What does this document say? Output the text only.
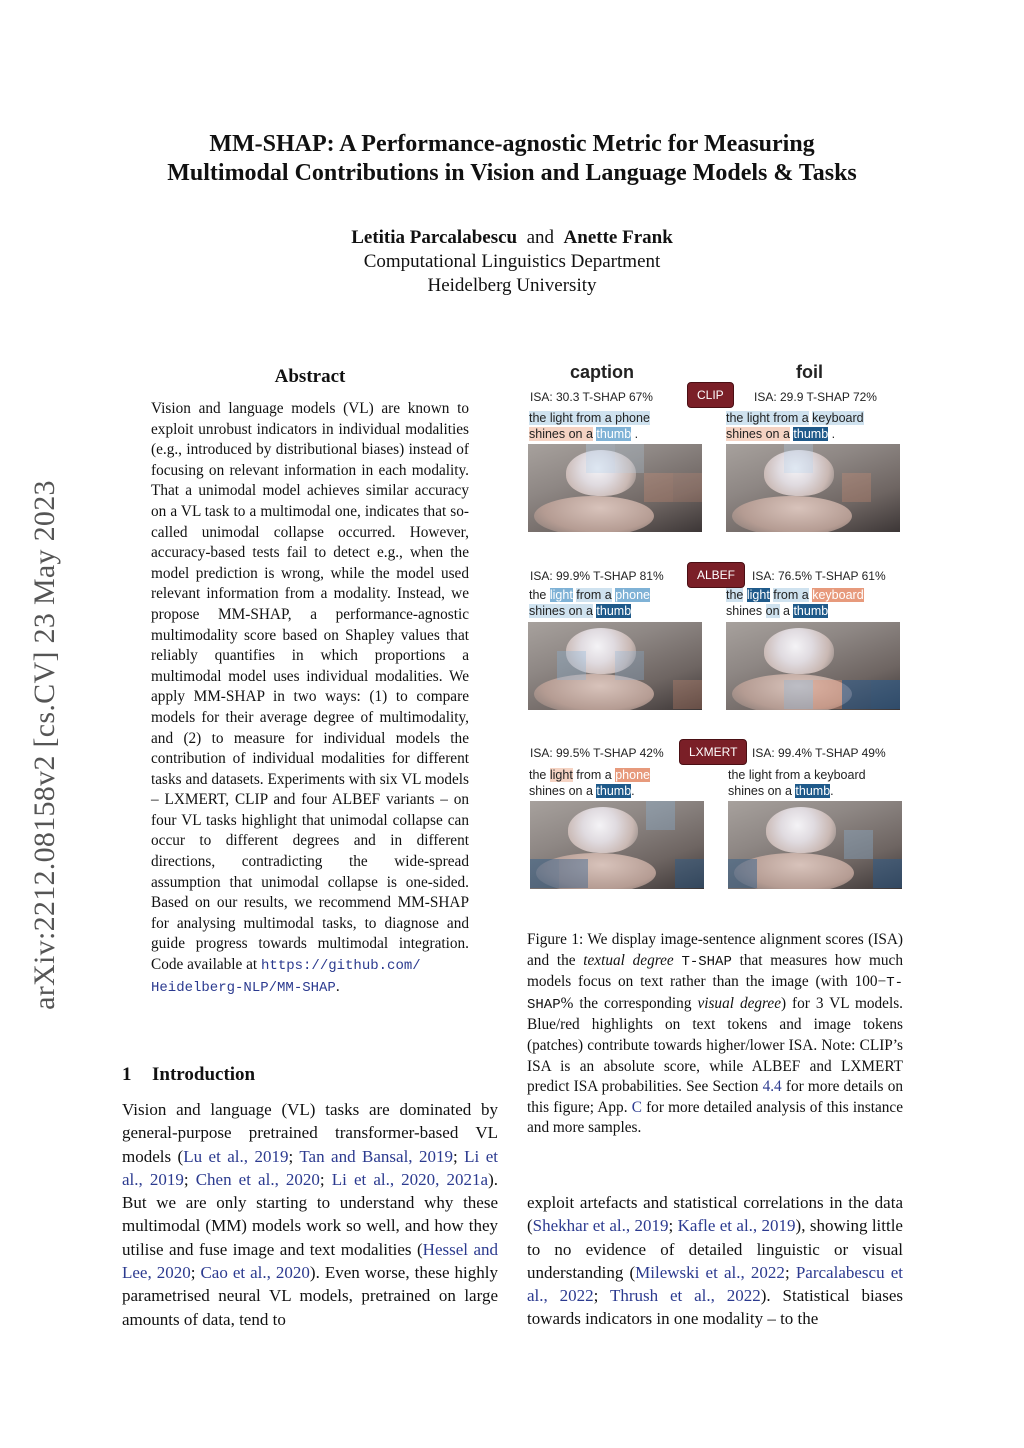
arXiv:2212.08158v2 [cs.CV] 23 May 2023
MM-SHAP: A Performance-agnostic Metric for Measuring
Multimodal Contributions in Vision and Language Models & Tasks
Letitia Parcalabescu and Anette Frank
Computational Linguistics Department
Heidelberg University
Abstract
Vision and language models (VL) are known to exploit unrobust indicators in individual modalities (e.g., introduced by distributional biases) instead of focusing on relevant information in each modality. That a unimodal model achieves similar accuracy on a VL task to a multimodal one, indicates that so-called unimodal collapse occurred. However, accuracy-based tests fail to detect e.g., when the model prediction is wrong, while the model used relevant information from a modality. Instead, we propose MM-SHAP, a performance-agnostic multimodality score based on Shapley values that reliably quantifies in which proportions a multimodal model uses individual modalities. We apply MM-SHAP in two ways: (1) to compare models for their average degree of multimodality, and (2) to measure for individual models the contribution of individual modalities for different tasks and datasets. Experiments with six VL models – LXMERT, CLIP and four ALBEF variants – on four VL tasks highlight that unimodal collapse can occur to different degrees and in different directions, contradicting the wide-spread assumption that unimodal collapse is one-sided. Based on our results, we recommend MM-SHAP for analysing multimodal tasks, to diagnose and guide progress towards multimodal integration. Code available at https://github.com/
Heidelberg-NLP/MM-SHAP.
1 Introduction
Vision and language (VL) tasks are dominated by general-purpose pretrained transformer-based VL models (Lu et al., 2019; Tan and Bansal, 2019; Li et al., 2019; Chen et al., 2020; Li et al., 2020, 2021a). But we are only starting to understand why these multimodal (MM) models work so well, and how they utilise and fuse image and text modalities (Hessel and Lee, 2020; Cao et al., 2020). Even worse, these highly parametrised neural VL models, pretrained on large amounts of data, tend to
exploit artefacts and statistical correlations in the data (Shekhar et al., 2019; Kafle et al., 2019), showing little to no evidence of detailed linguistic or visual understanding (Milewski et al., 2022; Parcalabescu et al., 2022; Thrush et al., 2022). Statistical biases towards indicators in one modality – to the
caption	foil
CLIP
ISA: 30.3 T-SHAP 67%	ISA: 29.9 T-SHAP 72%
the light from a phone
shines on a thumb .
the light from a keyboard
shines on a thumb .
ALBEF
ISA: 99.9% T-SHAP 81%	ISA: 76.5% T-SHAP 61%
the light from a phone
shines on a thumb
the light from a keyboard
shines on a thumb
LXMERT
ISA: 99.5% T-SHAP 42%	ISA: 99.4% T-SHAP 49%
the light from a phone
shines on a thumb.
the light from a keyboard
shines on a thumb.
Figure 1: We display image-sentence alignment scores (ISA) and the textual degree T-SHAP that measures how much models focus on text rather than the image (with 100−T-SHAP% the corresponding visual degree) for 3 VL models. Blue/red highlights on text tokens and image tokens (patches) contribute towards higher/lower ISA. Note: CLIP’s ISA is an absolute score, while ALBEF and LXMERT predict ISA probabilities. See Section 4.4 for more details on this figure; App. C for more detailed analysis of this instance and more samples.
